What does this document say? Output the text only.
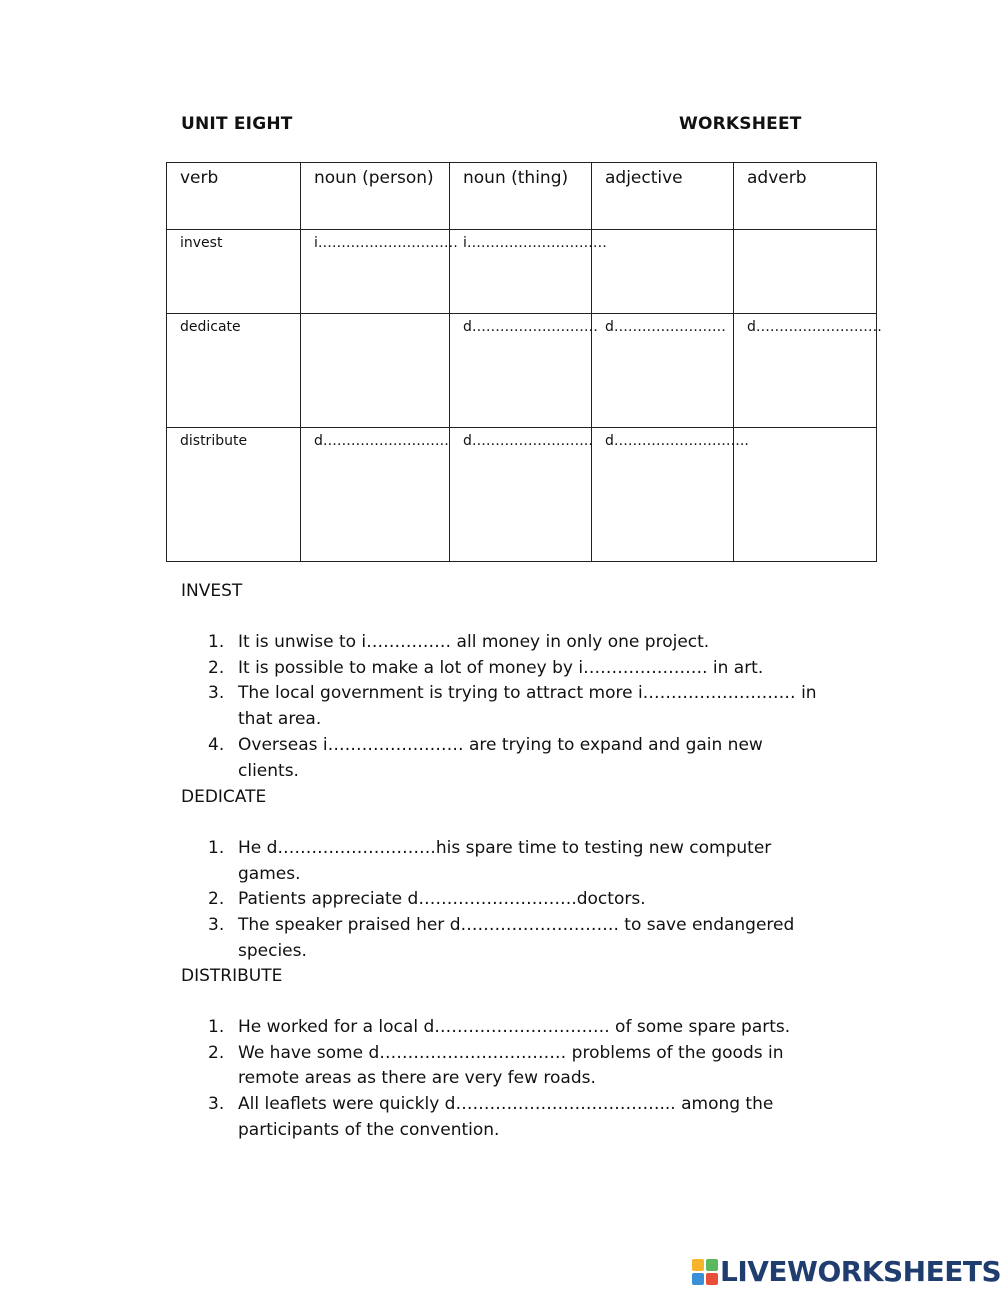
UNIT EIGHT	WORKSHEET
verb	noun (person)	noun (thing)	adjective	adverb
invest	i…………………………	i…………………………		
dedicate		d………………………	d……………………	d………………………
distribute	d………………………	d……………………..	d………………………..	
INVEST
1. It is unwise to i…………… all money in only one project.
2. It is possible to make a lot of money by i…………………. in art.
3. The local government is trying to attract more i……………………… in that area.
4. Overseas i…………………… are trying to expand and gain new clients.
DEDICATE
1. He d……………………….his spare time to testing new computer games.
2. Patients appreciate d……………………….doctors.
3. The speaker praised her d………………………. to save endangered species.
DISTRIBUTE
1. He worked for a local d…………………………. of some spare parts.
2. We have some d…………………………… problems of the goods in remote areas as there are very few roads.
3. All leaflets were quickly d………………………………... among the participants of the convention.
LIVEWORKSHEETS
